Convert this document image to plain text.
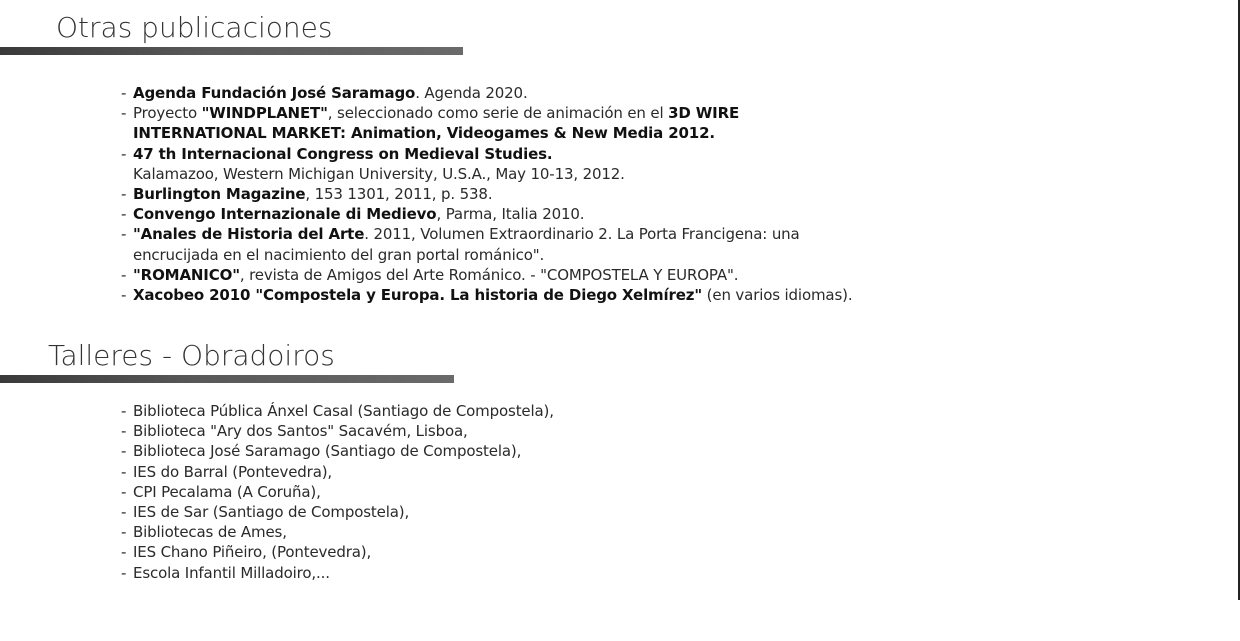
Otras publicaciones
- Agenda Fundación José Saramago. Agenda 2020.
- Proyecto "WINDPLANET", seleccionado como serie de animación en el 3D WIRE
INTERNATIONAL MARKET: Animation, Videogames & New Media 2012.
- 47 th Internacional Congress on Medieval Studies.
Kalamazoo, Western Michigan University, U.S.A., May 10-13, 2012.
- Burlington Magazine, 153 1301, 2011, p. 538.
- Convengo Internazionale di Medievo, Parma, Italia 2010.
- "Anales de Historia del Arte. 2011, Volumen Extraordinario 2. La Porta Francigena: una
encrucijada en el nacimiento del gran portal románico".
- "ROMANICO", revista de Amigos del Arte Románico. - "COMPOSTELA Y EUROPA".
- Xacobeo 2010 "Compostela y Europa. La historia de Diego Xelmírez" (en varios idiomas).
Talleres - Obradoiros
- Biblioteca Pública Ánxel Casal (Santiago de Compostela),
- Biblioteca "Ary dos Santos" Sacavém, Lisboa,
- Biblioteca José Saramago (Santiago de Compostela),
- IES do Barral (Pontevedra),
- CPI Pecalama (A Coruña),
- IES de Sar (Santiago de Compostela),
- Bibliotecas de Ames,
- IES Chano Piñeiro, (Pontevedra),
- Escola Infantil Milladoiro,...
